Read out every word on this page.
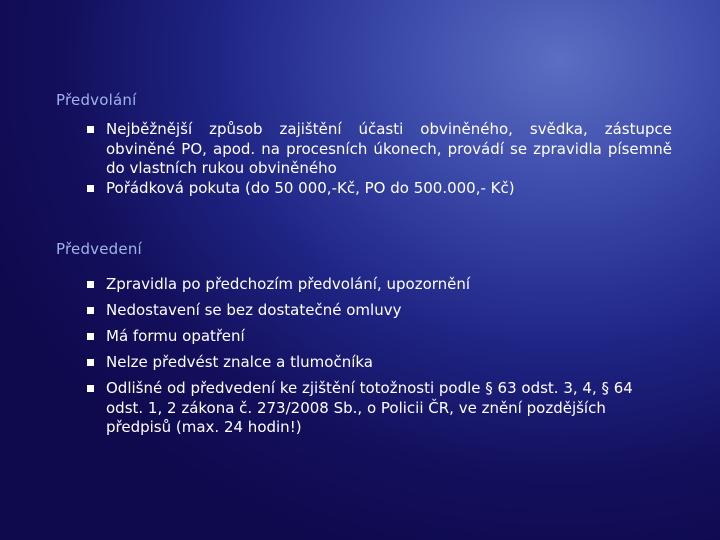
Předvolání
Nejběžnější způsob zajištění účasti obviněného, svědka, zástupce obviněné PO, apod. na procesních úkonech, provádí se zpravidla písemně do vlastních rukou obviněného
Pořádková pokuta (do 50 000,-Kč, PO do 500.000,- Kč)
Předvedení
Zpravidla po předchozím předvolání, upozornění
Nedostavení se bez dostatečné omluvy
Má formu opatření
Nelze předvést znalce a tlumočníka
Odlišné od předvedení ke zjištění totožnosti podle § 63 odst. 3, 4, § 64 odst. 1, 2 zákona č. 273/2008 Sb., o Policii ČR, ve znění pozdějších předpisů (max. 24 hodin!)
